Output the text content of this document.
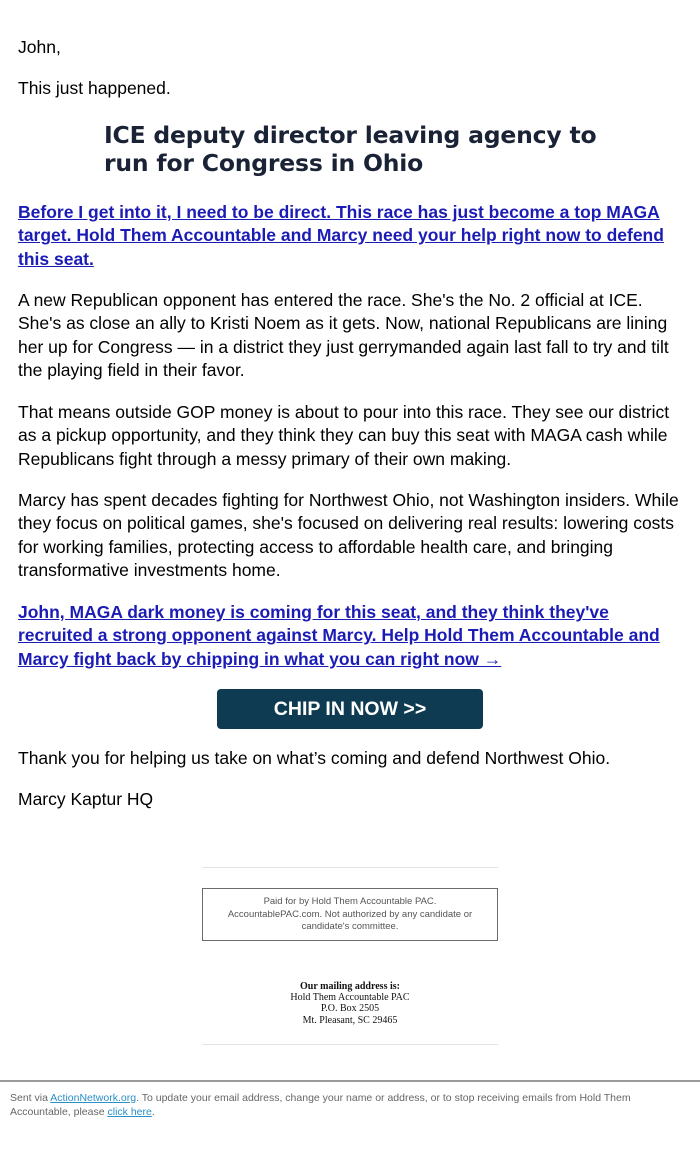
John,

This just happened.

ICE deputy director leaving agency to run for Congress in Ohio

Before I get into it, I need to be direct. This race has just become a top MAGA target. Hold Them Accountable and Marcy need your help right now to defend this seat.

A new Republican opponent has entered the race. She's the No. 2 official at ICE. She's as close an ally to Kristi Noem as it gets. Now, national Republicans are lining her up for Congress — in a district they just gerrymanded again last fall to try and tilt the playing field in their favor.

That means outside GOP money is about to pour into this race. They see our district as a pickup opportunity, and they think they can buy this seat with MAGA cash while Republicans fight through a messy primary of their own making.

Marcy has spent decades fighting for Northwest Ohio, not Washington insiders. While they focus on political games, she's focused on delivering real results: lowering costs for working families, protecting access to affordable health care, and bringing transformative investments home.

John, MAGA dark money is coming for this seat, and they think they've recruited a strong opponent against Marcy. Help Hold Them Accountable and Marcy fight back by chipping in what you can right now →

CHIP IN NOW >>

Thank you for helping us take on what’s coming and defend Northwest Ohio.

Marcy Kaptur HQ

Paid for by Hold Them Accountable PAC.
AccountablePAC.com. Not authorized by any candidate or
candidate's committee.
Our mailing address is:
Hold Them Accountable PAC
P.O. Box 2505
Mt. Pleasant, SC 29465
Sent via ActionNetwork.org. To update your email address, change your name or address, or to stop receiving emails from Hold Them Accountable, please click here.
